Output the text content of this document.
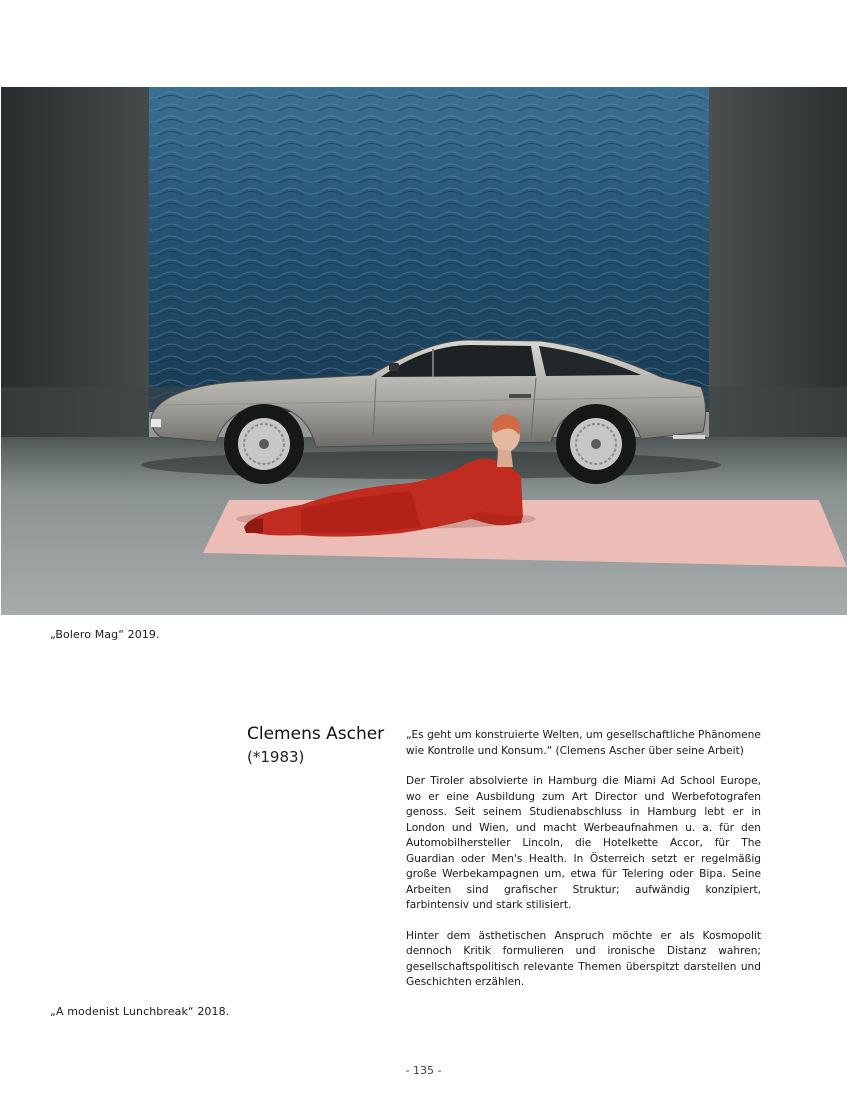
„Bolero Mag“ 2019.
Clemens Ascher
(*1983)

„Es geht um konstruierte Welten, um gesellschaftliche Phänomene wie Kontrolle und Konsum.“ (Clemens Ascher über seine Arbeit)

Der Tiroler absolvierte in Hamburg die Miami Ad School Europe, wo er eine Ausbildung zum Art Director und Werbefotografen genoss. Seit seinem Studienabschluss in Hamburg lebt er in London und Wien, und macht Werbeaufnahmen u. a. für den Automobilhersteller Lincoln, die Hotelkette Accor, für The Guardian oder Men's Health. In Österreich setzt er regelmäßig große Werbekampagnen um, etwa für Telering oder Bipa. Seine Arbeiten sind grafischer Struktur; aufwändig konzipiert, farbintensiv und stark stilisiert.

Hinter dem ästhetischen Anspruch möchte er als Kosmopolit dennoch Kritik formulieren und ironische Distanz wahren; gesellschaftspolitisch relevante Themen überspitzt darstellen und Geschichten erzählen.

„A modenist Lunchbreak“ 2018.
- 135 -
